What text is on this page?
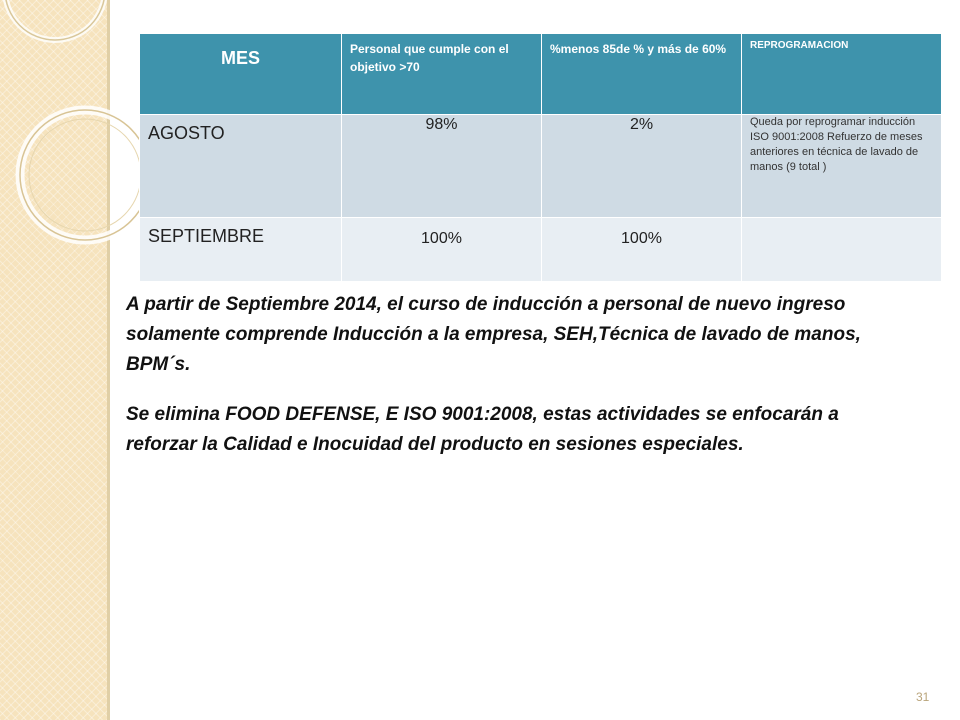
MES	Personal que cumple con el objetivo >70	%menos 85de % y más de 60%	REPROGRAMACION
AGOSTO	98%	2%	Queda por reprogramar inducción ISO 9001:2008 Refuerzo de meses anteriores en técnica de lavado de manos (9 total )
SEPTIEMBRE	100%	100%	

A partir de Septiembre 2014, el curso de inducción a personal de nuevo ingreso solamente comprende Inducción a la empresa, SEH,Técnica de lavado de manos, BPM´s.

Se elimina FOOD DEFENSE, E ISO 9001:2008, estas actividades se enfocarán a reforzar la Calidad e Inocuidad del producto en sesiones especiales.

31
